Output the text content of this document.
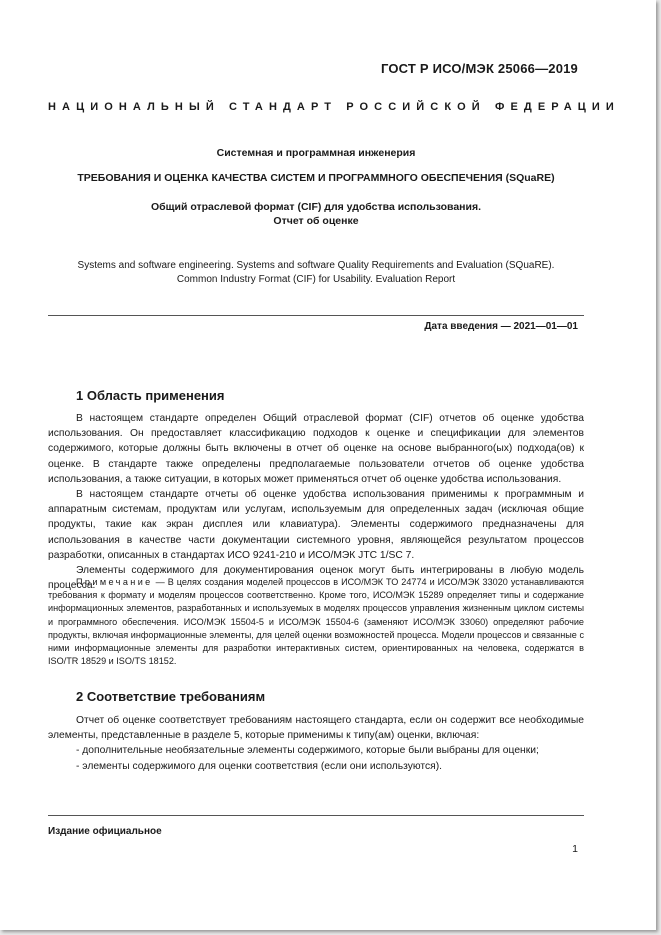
ГОСТ Р ИСО/МЭК 25066—2019
НАЦИОНАЛЬНЫЙ СТАНДАРТ РОССИЙСКОЙ ФЕДЕРАЦИИ
Системная и программная инженерия
ТРЕБОВАНИЯ И ОЦЕНКА КАЧЕСТВА СИСТЕМ И ПРОГРАММНОГО ОБЕСПЕЧЕНИЯ (SQuaRE)
Общий отраслевой формат (CIF) для удобства использования.
Отчет об оценке
Systems and software engineering. Systems and software Quality Requirements and Evaluation (SQuaRE).
Common Industry Format (CIF) for Usability. Evaluation Report
Дата введения — 2021—01—01
1 Область применения

В настоящем стандарте определен Общий отраслевой формат (CIF) отчетов об оценке удобства использования. Он предоставляет классификацию подходов к оценке и спецификации для элементов содержимого, которые должны быть включены в отчет об оценке на основе выбранного(ых) подхода(ов) к оценке. В стандарте также определены предполагаемые пользователи отчетов об оценке удобства использования, а также ситуации, в которых может применяться отчет об оценке удобства использования.

В настоящем стандарте отчеты об оценке удобства использования применимы к программным и аппаратным системам, продуктам или услугам, используемым для определенных задач (исключая общие продукты, такие как экран дисплея или клавиатура). Элементы содержимого предназначены для использования в качестве части документации системного уровня, являющейся результатом процессов разработки, описанных в стандартах ИСО 9241-210 и ИСО/МЭК JTC 1/SC 7.

Элементы содержимого для документирования оценок могут быть интегрированы в любую модель процесса.

Примечание — В целях создания моделей процессов в ИСО/МЭК ТО 24774 и ИСО/МЭК 33020 устанавливаются требования к формату и моделям процессов соответственно. Кроме того, ИСО/МЭК 15289 определяет типы и содержание информационных элементов, разработанных и используемых в моделях процессов управления жизненным циклом системы и программного обеспечения. ИСО/МЭК 15504-5 и ИСО/МЭК 15504-6 (заменяют ИСО/МЭК 33060) определяют рабочие продукты, включая информационные элементы, для целей оценки возможностей процесса. Модели процессов и связанные с ними информационные элементы для разработки интерактивных систем, ориентированных на человека, содержатся в ISO/TR 18529 и ISO/TS 18152.

2 Соответствие требованиям

Отчет об оценке соответствует требованиям настоящего стандарта, если он содержит все необходимые элементы, представленные в разделе 5, которые применимы к типу(ам) оценки, включая:

- дополнительные необязательные элементы содержимого, которые были выбраны для оценки;

- элементы содержимого для оценки соответствия (если они используются).

Издание официальное
1
